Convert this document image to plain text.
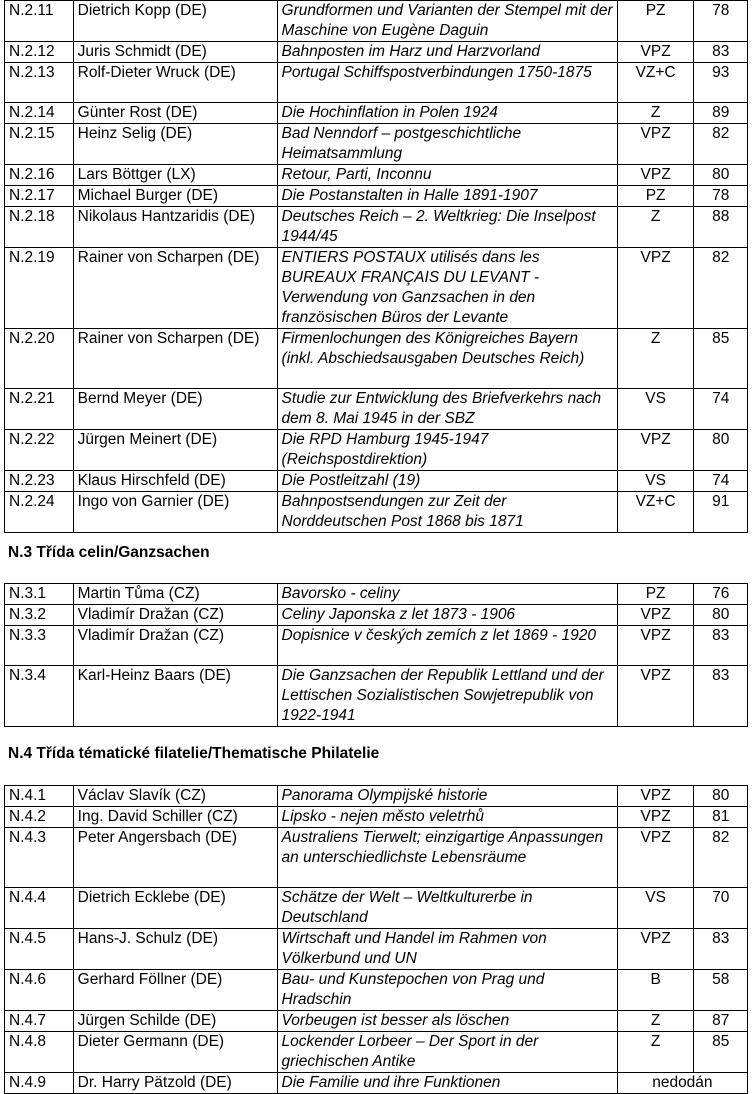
N.2.11	Dietrich Kopp (DE)	Grundformen und Varianten der Stempel mit der Maschine von Eugène Daguin	PZ	78
N.2.12	Juris Schmidt (DE)	Bahnposten im Harz und Harzvorland	VPZ	83
N.2.13	Rolf-Dieter Wruck (DE)	Portugal Schiffspostverbindungen 1750-1875	VZ+C	93
N.2.14	Günter Rost (DE)	Die Hochinflation in Polen 1924	Z	89
N.2.15	Heinz Selig (DE)	Bad Nenndorf – postgeschichtliche Heimatsammlung	VPZ	82
N.2.16	Lars Böttger (LX)	Retour, Parti, Inconnu	VPZ	80
N.2.17	Michael Burger (DE)	Die Postanstalten in Halle 1891-1907	PZ	78
N.2.18	Nikolaus Hantzaridis (DE)	Deutsches Reich – 2. Weltkrieg: Die Inselpost 1944/45	Z	88
N.2.19	Rainer von Scharpen (DE)	ENTIERS POSTAUX utilisés dans les BUREAUX FRANÇAIS DU LEVANT - Verwendung von Ganzsachen in den französischen Büros der Levante	VPZ	82
N.2.20	Rainer von Scharpen (DE)	Firmenlochungen des Königreiches Bayern (inkl. Abschiedsausgaben Deutsches Reich)	Z	85
N.2.21	Bernd Meyer (DE)	Studie zur Entwicklung des Briefverkehrs nach dem 8. Mai 1945 in der SBZ	VS	74
N.2.22	Jürgen Meinert (DE)	Die RPD Hamburg 1945-1947 (Reichspostdirektion)	VPZ	80
N.2.23	Klaus Hirschfeld (DE)	Die Postleitzahl (19)	VS	74
N.2.24	Ingo von Garnier (DE)	Bahnpostsendungen zur Zeit der Norddeutschen Post 1868 bis 1871	VZ+C	91
N.3 Třída celin/Ganzsachen
N.3.1	Martin Tůma (CZ)	Bavorsko - celiny	PZ	76
N.3.2	Vladimír Dražan (CZ)	Celiny Japonska z let 1873 - 1906	VPZ	80
N.3.3	Vladimír Dražan (CZ)	Dopisnice v českých zemích z let 1869 - 1920	VPZ	83
N.3.4	Karl-Heinz Baars (DE)	Die Ganzsachen der Republik Lettland und der Lettischen Sozialistischen Sowjetrepublik von 1922-1941	VPZ	83
N.4 Třída tématické filatelie/Thematische Philatelie
N.4.1	Václav Slavík (CZ)	Panorama Olympijské historie	VPZ	80
N.4.2	Ing. David Schiller (CZ)	Lipsko - nejen město veletrhů	VPZ	81
N.4.3	Peter Angersbach (DE)	Australiens Tierwelt; einzigartige Anpassungen an unterschiedlichste Lebensräume	VPZ	82
N.4.4	Dietrich Ecklebe (DE)	Schätze der Welt – Weltkulturerbe in Deutschland	VS	70
N.4.5	Hans-J. Schulz (DE)	Wirtschaft und Handel im Rahmen von Völkerbund und UN	VPZ	83
N.4.6	Gerhard Föllner (DE)	Bau- und Kunstepochen von Prag und Hradschin	B	58
N.4.7	Jürgen Schilde (DE)	Vorbeugen ist besser als löschen	Z	87
N.4.8	Dieter Germann (DE)	Lockender Lorbeer – Der Sport in der griechischen Antike	Z	85
N.4.9	Dr. Harry Pätzold (DE)	Die Familie und ihre Funktionen	nedodán	
